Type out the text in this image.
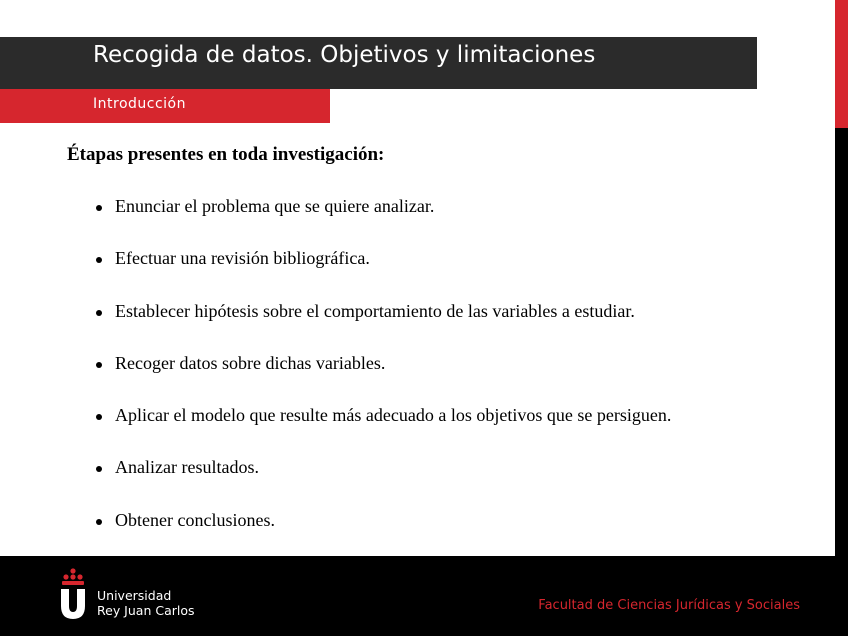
Recogida de datos. Objetivos y limitaciones
Introducción
Étapas presentes en toda investigación:
Enunciar el problema que se quiere analizar.
Efectuar una revisión bibliográfica.
Establecer hipótesis sobre el comportamiento de las variables a estudiar.
Recoger datos sobre dichas variables.
Aplicar el modelo que resulte más adecuado a los objetivos que se persiguen.
Analizar resultados.
Obtener conclusiones.
Universidad
Rey Juan Carlos	Facultad de Ciencias Jurídicas y Sociales
